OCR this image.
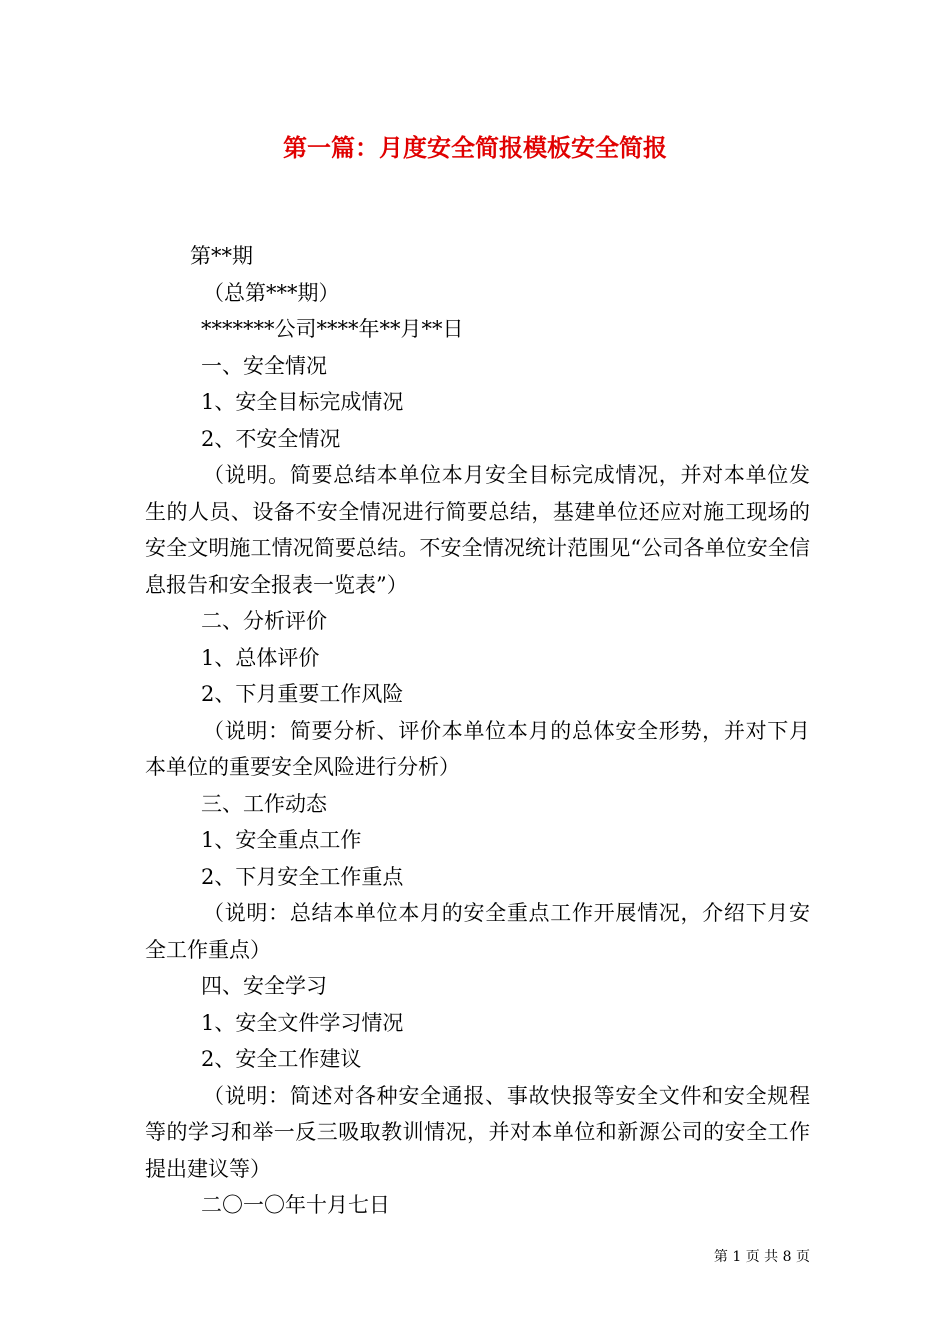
第一篇：月度安全简报模板安全简报
第**期
（总第***期）
*******公司****年**月**日
一、安全情况
1、安全目标完成情况
2、不安全情况

（说明。简要总结本单位本月安全目标完成情况，并对本单位发生的人员、设备不安全情况进行简要总结，基建单位还应对施工现场的安全文明施工情况简要总结。不安全情况统计范围见“公司各单位安全信息报告和安全报表一览表”）

二、分析评价
1、总体评价
2、下月重要工作风险

（说明：简要分析、评价本单位本月的总体安全形势，并对下月本单位的重要安全风险进行分析）

三、工作动态
1、安全重点工作
2、下月安全工作重点

（说明：总结本单位本月的安全重点工作开展情况，介绍下月安全工作重点）

四、安全学习
1、安全文件学习情况
2、安全工作建议

（说明：简述对各种安全通报、事故快报等安全文件和安全规程等的学习和举一反三吸取教训情况，并对本单位和新源公司的安全工作提出建议等）

二〇一〇年十月七日
第 1 页 共 8 页
